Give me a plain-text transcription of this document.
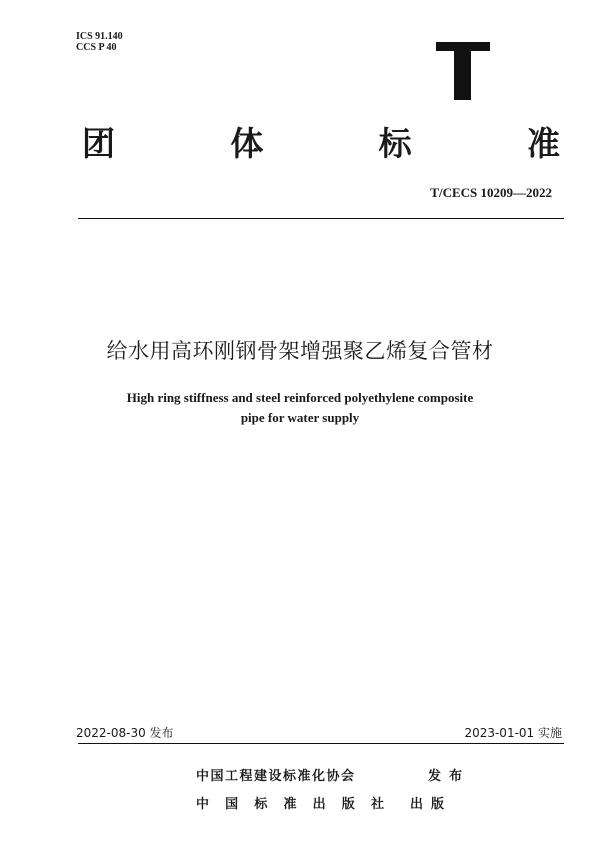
ICS 91.140
CCS P 40
团	体	标	准
T/CECS 10209—2022
给水用高环刚钢骨架增强聚乙烯复合管材
High ring stiffness and steel reinforced polyethylene composite
pipe for water supply
2022-08-30 发布	2023-01-01 实施
中国工程建设标准化协会	发 布
中 国 标 准 出 版 社 出 版
